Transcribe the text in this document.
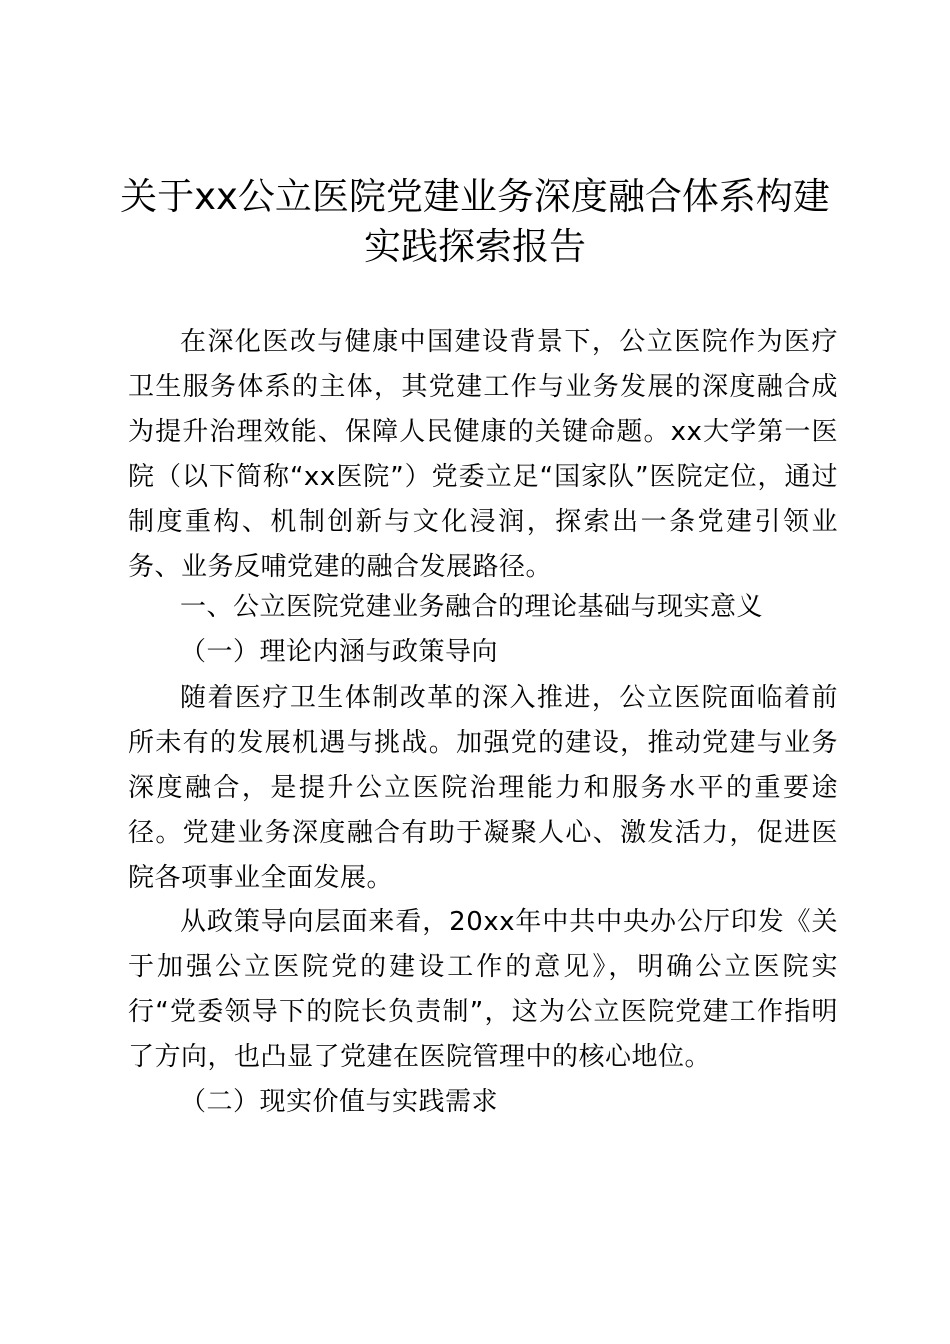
关于xx公立医院党建业务深度融合体系构建
实践探索报告

在深化医改与健康中国建设背景下，公立医院作为医疗卫生服务体系的主体，其党建工作与业务发展的深度融合成为提升治理效能、保障人民健康的关键命题。xx大学第一医院（以下简称“xx医院”）党委立足“国家队”医院定位，通过制度重构、机制创新与文化浸润，探索出一条党建引领业务、业务反哺党建的融合发展路径。

一、公立医院党建业务融合的理论基础与现实意义

（一）理论内涵与政策导向

随着医疗卫生体制改革的深入推进，公立医院面临着前所未有的发展机遇与挑战。加强党的建设，推动党建与业务深度融合，是提升公立医院治理能力和服务水平的重要途径。党建业务深度融合有助于凝聚人心、激发活力，促进医院各项事业全面发展。

从政策导向层面来看，20xx年中共中央办公厅印发《关于加强公立医院党的建设工作的意见》，明确公立医院实行“党委领导下的院长负责制”，这为公立医院党建工作指明了方向，也凸显了党建在医院管理中的核心地位。

（二）现实价值与实践需求
